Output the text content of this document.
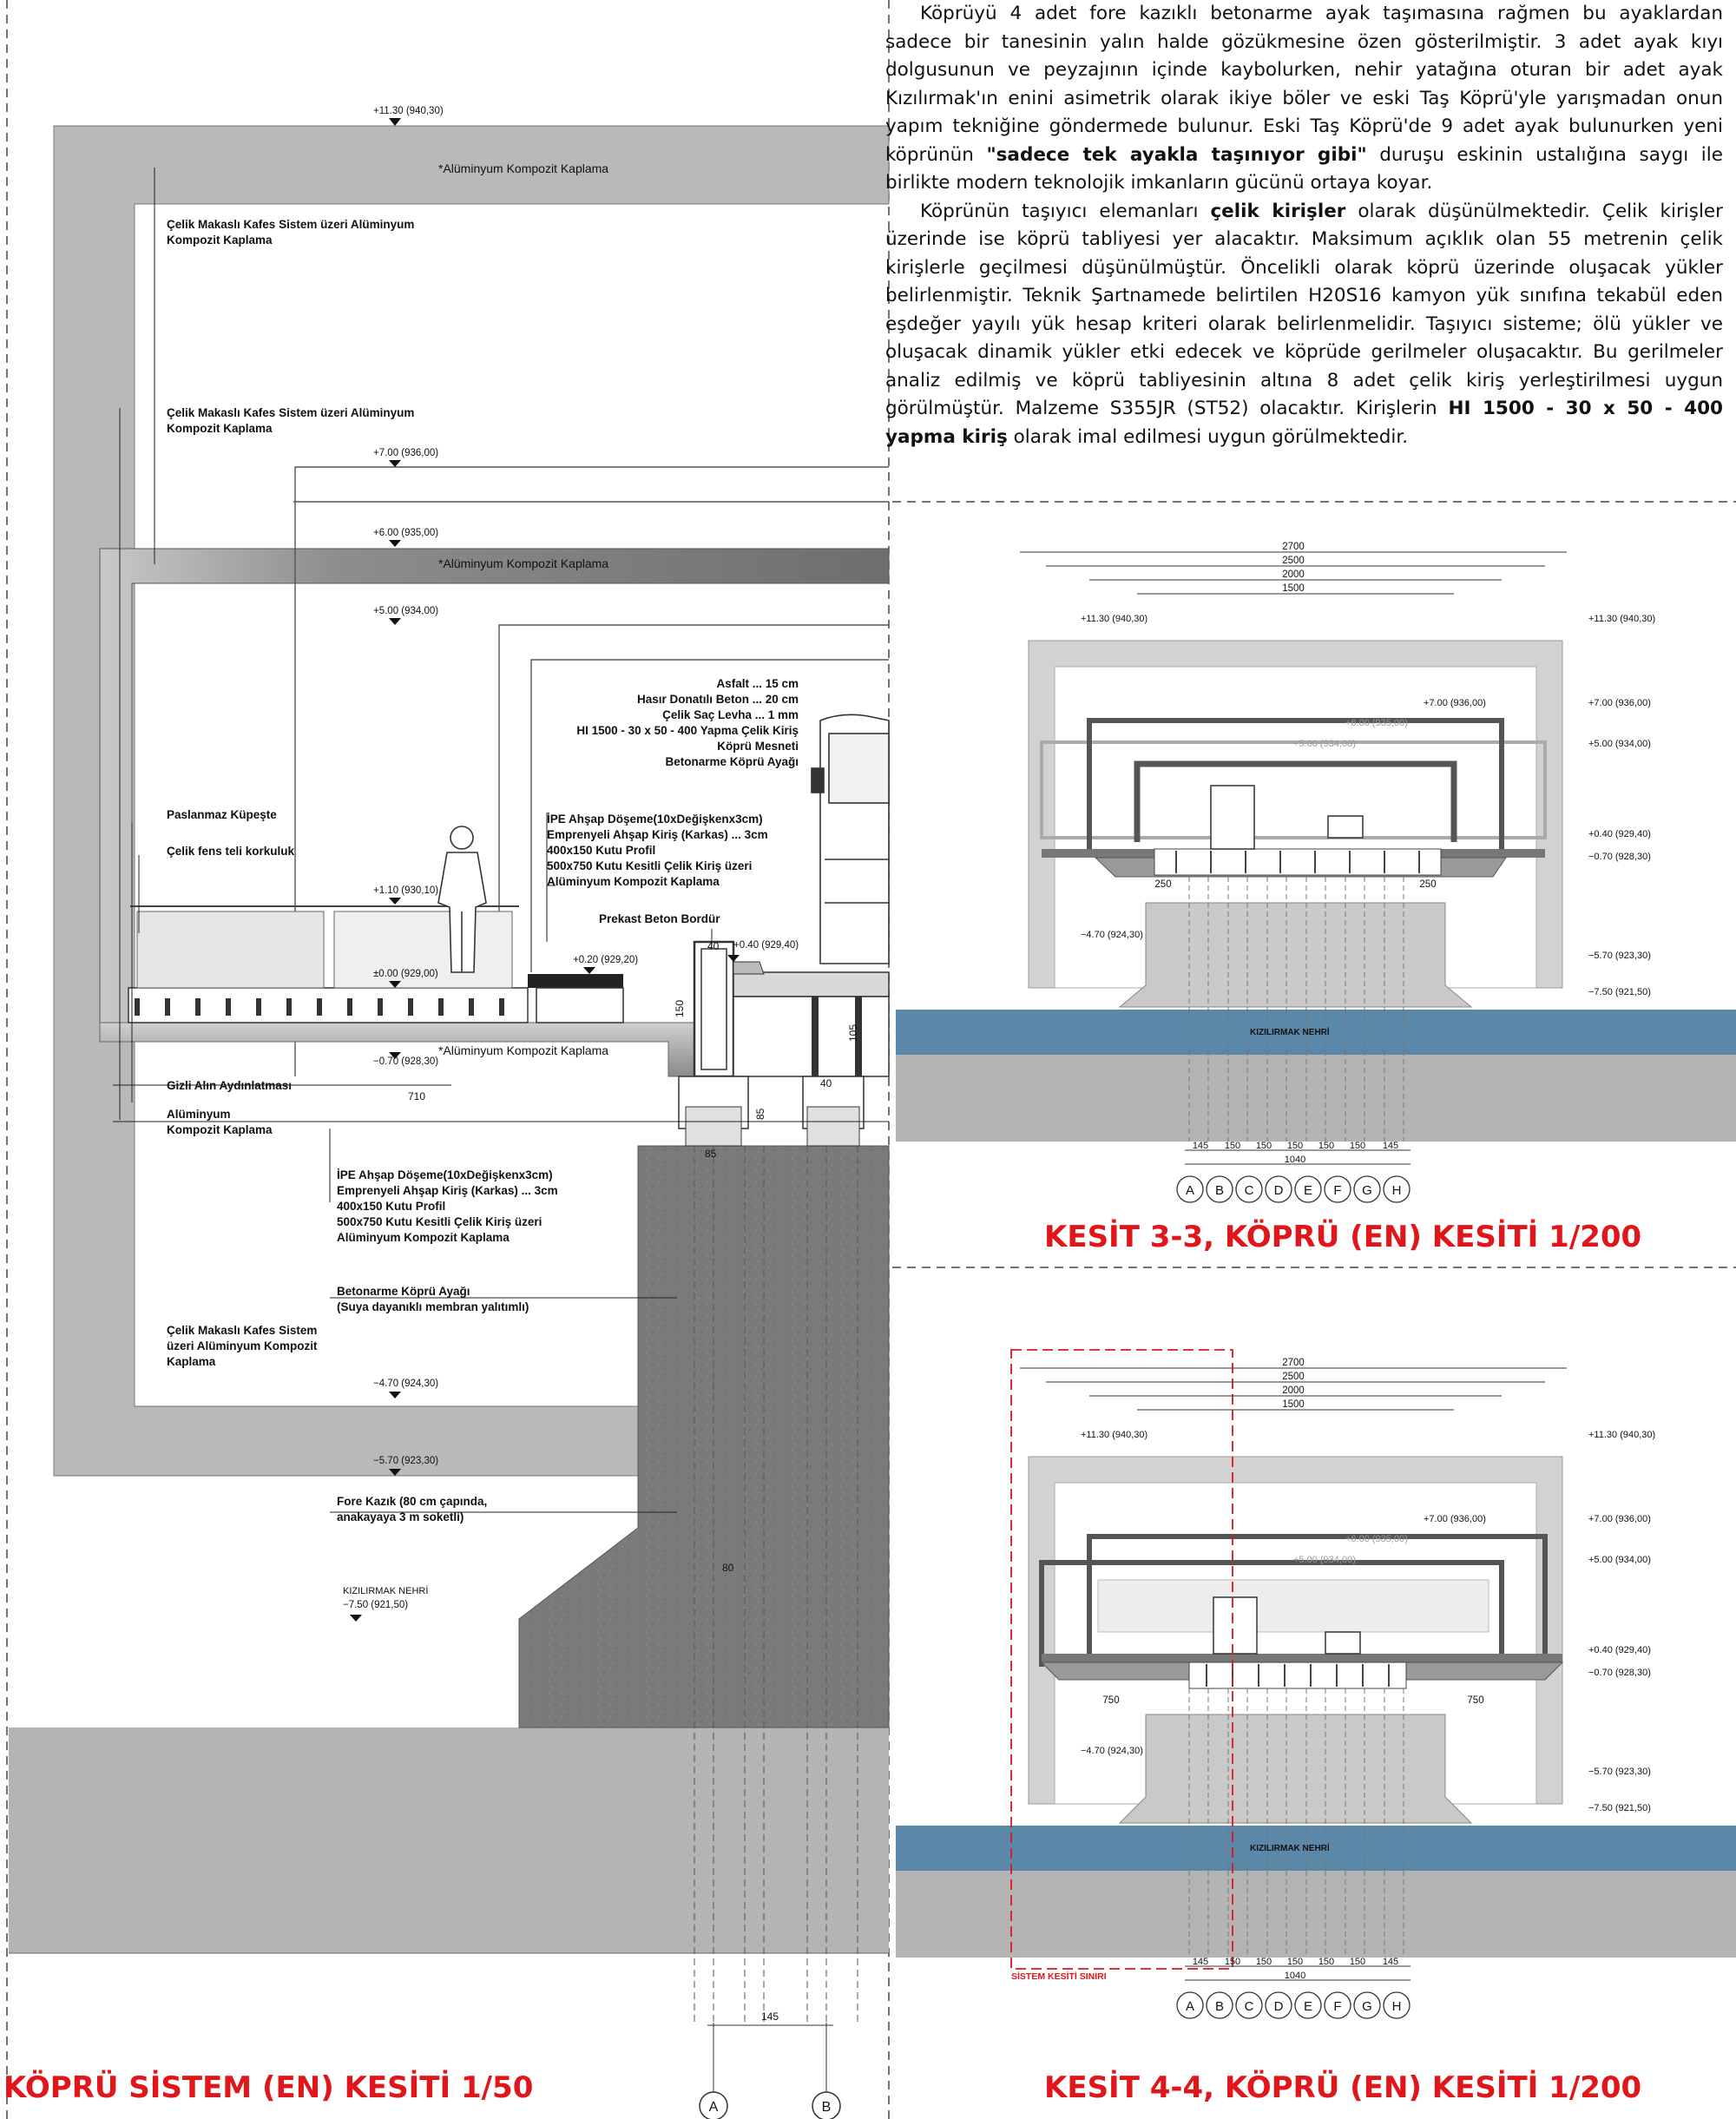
A	B
+11.30 (940,30)
+7.00 (936,00)
+6.00 (935,00)
+5.00 (934,00)
+1.10 (930,10)
±0.00 (929,00)
+0.20 (929,20)
+0.40 (929,40)
−0.70 (928,30)
−4.70 (924,30)
−5.70 (923,30)
−7.50 (921,50)
*Alüminyum Kompozit Kaplama
Çelik Makaslı Kafes Sistem üzeri Alüminyum
Kompozit Kaplama
Çelik Makaslı Kafes Sistem üzeri Alüminyum
Kompozit Kaplama
*Alüminyum Kompozit Kaplama
Paslanmaz Küpeşte
Çelik fens teli korkuluk
*Alüminyum Kompozit Kaplama
Gizli Alın Aydınlatması
Alüminyum
Kompozit Kaplama
Asfalt ... 15 cm
Hasır Donatılı Beton ... 20 cm
Çelik Saç Levha ... 1 mm
HI 1500 - 30 x 50 - 400 Yapma Çelik Kiriş
Köprü Mesneti
Betonarme Köprü Ayağı
İPE Ahşap Döşeme(10xDeğişkenx3cm)
Emprenyeli Ahşap Kiriş (Karkas) ... 3cm
400x150 Kutu Profil
500x750 Kutu Kesitli Çelik Kiriş üzeri
Alüminyum Kompozit Kaplama
Prekast Beton Bordür
İPE Ahşap Döşeme(10xDeğişkenx3cm)
Emprenyeli Ahşap Kiriş (Karkas) ... 3cm
400x150 Kutu Profil
500x750 Kutu Kesitli Çelik Kiriş üzeri
Alüminyum Kompozit Kaplama
Betonarme Köprü Ayağı
(Suya dayanıklı membran yalıtımlı)
Çelik Makaslı Kafes Sistem
üzeri Alüminyum Kompozit
Kaplama
Fore Kazık (80 cm çapında,
anakayaya 3 m soketli)
KIZILIRMAK NEHRİ
710
40
150
105
40
85
85
80
145
2700
2500
2000
1500
250	250
+11.30 (940,30)
−4.70 (924,30)
+7.00 (936,00)
+6.00 (935,00)
+5.00 (934,00)
+11.30 (940,30)
+7.00 (936,00)
+5.00 (934,00)
+0.40 (929,40)
−0.70 (928,30)
−5.70 (923,30)
−7.50 (921,50)
KIZILIRMAK NEHRİ
145 150 150 150 150 150 145
1040
A B C D E F G H
2700
2500
2000
1500
750	750
+11.30 (940,30)
−4.70 (924,30)
+7.00 (936,00)
+6.00 (935,00)
+5.00 (934,00)
+11.30 (940,30)
+7.00 (936,00)
+5.00 (934,00)
+0.40 (929,40)
−0.70 (928,30)
−5.70 (923,30)
−7.50 (921,50)
KIZILIRMAK NEHRİ
SİSTEM KESİTİ SINIRI
145 150 150 150 150 150 145
1040
A B C D E F G H

Köprüyü 4 adet fore kazıklı betonarme ayak taşımasına rağmen bu ayaklardan sadece bir tanesinin yalın halde gözükmesine özen gösterilmiştir. 3 adet ayak kıyı dolgusunun ve peyzajının içinde kaybolurken, nehir yatağına oturan bir adet ayak Kızılırmak'ın enini asimetrik olarak ikiye böler ve eski Taş Köprü'yle yarışmadan onun yapım tekniğine göndermede bulunur. Eski Taş Köprü'de 9 adet ayak bulunurken yeni köprünün "sadece tek ayakla taşınıyor gibi" duruşu eskinin ustalığına saygı ile birlikte modern teknolojik imkanların gücünü ortaya koyar.

Köprünün taşıyıcı elemanları çelik kirişler olarak düşünülmektedir. Çelik kirişler üzerinde ise köprü tabliyesi yer alacaktır. Maksimum açıklık olan 55 metrenin çelik kirişlerle geçilmesi düşünülmüştür. Öncelikli olarak köprü üzerinde oluşacak yükler belirlenmiştir. Teknik Şartnamede belirtilen H20S16 kamyon yük sınıfına tekabül eden eşdeğer yayılı yük hesap kriteri olarak belirlenmelidir. Taşıyıcı sisteme; ölü yükler ve oluşacak dinamik yükler etki edecek ve köprüde gerilmeler oluşacaktır. Bu gerilmeler analiz edilmiş ve köprü tabliyesinin altına 8 adet çelik kiriş yerleştirilmesi uygun görülmüştür. Malzeme S355JR (ST52) olacaktır. Kirişlerin HI 1500 - 30 x 50 - 400 yapma kiriş olarak imal edilmesi uygun görülmektedir.

KÖPRÜ SİSTEM (EN) KESİTİ 1/50
KESİT 3-3, KÖPRÜ (EN) KESİTİ 1/200
KESİT 4-4, KÖPRÜ (EN) KESİTİ 1/200
